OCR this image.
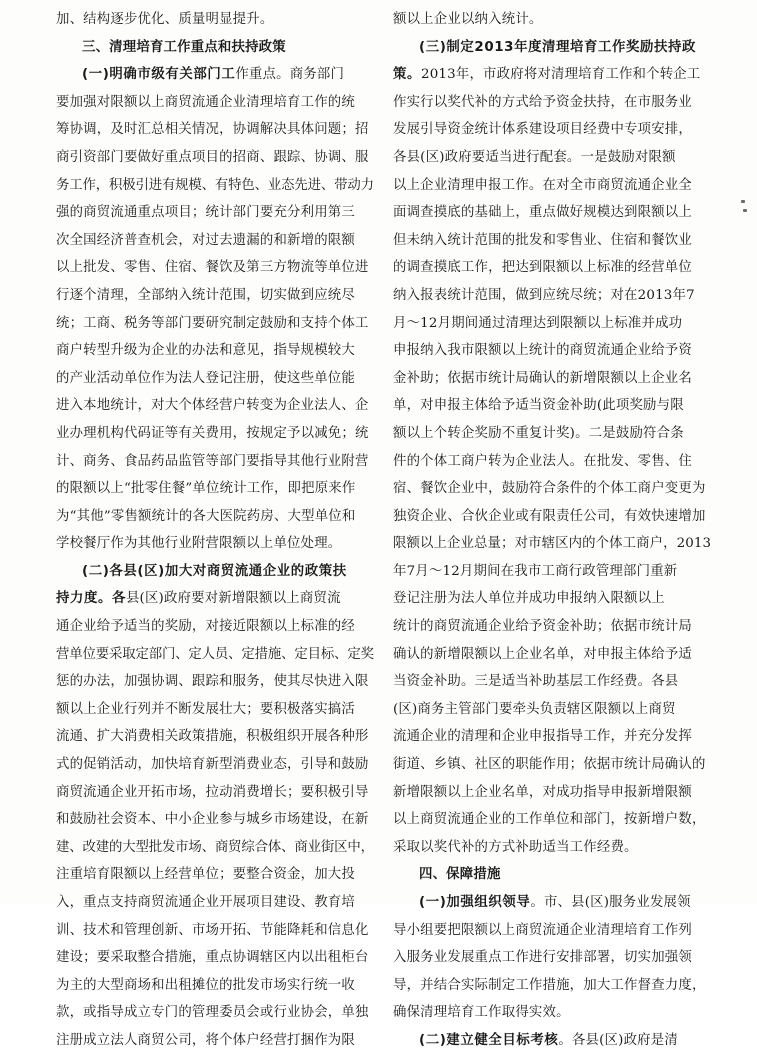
加、结构逐步优化、质量明显提升。
三、清理培育工作重点和扶持政策
(一)明确市级有关部门工作重点。商务部门
要加强对限额以上商贸流通企业清理培育工作的统
筹协调，及时汇总相关情况，协调解决具体问题；招
商引资部门要做好重点项目的招商、跟踪、协调、服
务工作，积极引进有规模、有特色、业态先进、带动力
强的商贸流通重点项目；统计部门要充分利用第三
次全国经济普查机会，对过去遗漏的和新增的限额
以上批发、零售、住宿、餐饮及第三方物流等单位进
行逐个清理，全部纳入统计范围，切实做到应统尽
统；工商、税务等部门要研究制定鼓励和支持个体工
商户转型升级为企业的办法和意见，指导规模较大
的产业活动单位作为法人登记注册，使这些单位能
进入本地统计，对大个体经营户转变为企业法人、企
业办理机构代码证等有关费用，按规定予以减免；统
计、商务、食品药品监管等部门要指导其他行业附营
的限额以上“批零住餐”单位统计工作，即把原来作
为“其他”零售额统计的各大医院药房、大型单位和
学校餐厅作为其他行业附营限额以上单位处理。
(二)各县(区)加大对商贸流通企业的政策扶
持力度。各县(区)政府要对新增限额以上商贸流
通企业给予适当的奖励，对接近限额以上标准的经
营单位要采取定部门、定人员、定措施、定目标、定奖
惩的办法，加强协调、跟踪和服务，使其尽快进入限
额以上企业行列并不断发展壮大；要积极落实搞活
流通、扩大消费相关政策措施，积极组织开展各种形
式的促销活动，加快培育新型消费业态，引导和鼓励
商贸流通企业开拓市场，拉动消费增长；要积极引导
和鼓励社会资本、中小企业参与城乡市场建设，在新
建、改建的大型批发市场、商贸综合体、商业街区中，
注重培育限额以上经营单位；要整合资金，加大投
入，重点支持商贸流通企业开展项目建设、教育培
训、技术和管理创新、市场开拓、节能降耗和信息化
建设；要采取整合措施，重点协调辖区内以出租柜台
为主的大型商场和出租摊位的批发市场实行统一收
款，或指导成立专门的管理委员会或行业协会，单独
注册成立法人商贸公司，将个体户经营打捆作为限
额以上企业以纳入统计。
(三)制定2013年度清理培育工作奖励扶持政
策。2013年，市政府将对清理培育工作和个转企工
作实行以奖代补的方式给予资金扶持，在市服务业
发展引导资金统计体系建设项目经费中专项安排，
各县(区)政府要适当进行配套。一是鼓励对限额
以上企业清理申报工作。在对全市商贸流通企业全
面调查摸底的基础上，重点做好规模达到限额以上
但未纳入统计范围的批发和零售业、住宿和餐饮业
的调查摸底工作，把达到限额以上标准的经营单位
纳入报表统计范围，做到应统尽统；对在2013年7
月～12月期间通过清理达到限额以上标准并成功
申报纳入我市限额以上统计的商贸流通企业给予资
金补助；依据市统计局确认的新增限额以上企业名
单，对申报主体给予适当资金补助(此项奖励与限
额以上个转企奖励不重复计奖)。二是鼓励符合条
件的个体工商户转为企业法人。在批发、零售、住
宿、餐饮企业中，鼓励符合条件的个体工商户变更为
独资企业、合伙企业或有限责任公司，有效快速增加
限额以上企业总量；对市辖区内的个体工商户，2013
年7月～12月期间在我市工商行政管理部门重新
登记注册为法人单位并成功申报纳入限额以上
统计的商贸流通企业给予资金补助；依据市统计局
确认的新增限额以上企业名单，对申报主体给予适
当资金补助。三是适当补助基层工作经费。各县
(区)商务主管部门要牵头负责辖区限额以上商贸
流通企业的清理和企业申报指导工作，并充分发挥
街道、乡镇、社区的职能作用；依据市统计局确认的
新增限额以上企业名单，对成功指导申报新增限额
以上商贸流通企业的工作单位和部门，按新增户数，
采取以奖代补的方式补助适当工作经费。
四、保障措施
(一)加强组织领导。市、县(区)服务业发展领
导小组要把限额以上商贸流通企业清理培育工作列
入服务业发展重点工作进行安排部署，切实加强领
导，并结合实际制定工作措施，加大工作督查力度，
确保清理培育工作取得实效。
(二)建立健全目标考核。各县(区)政府是清
